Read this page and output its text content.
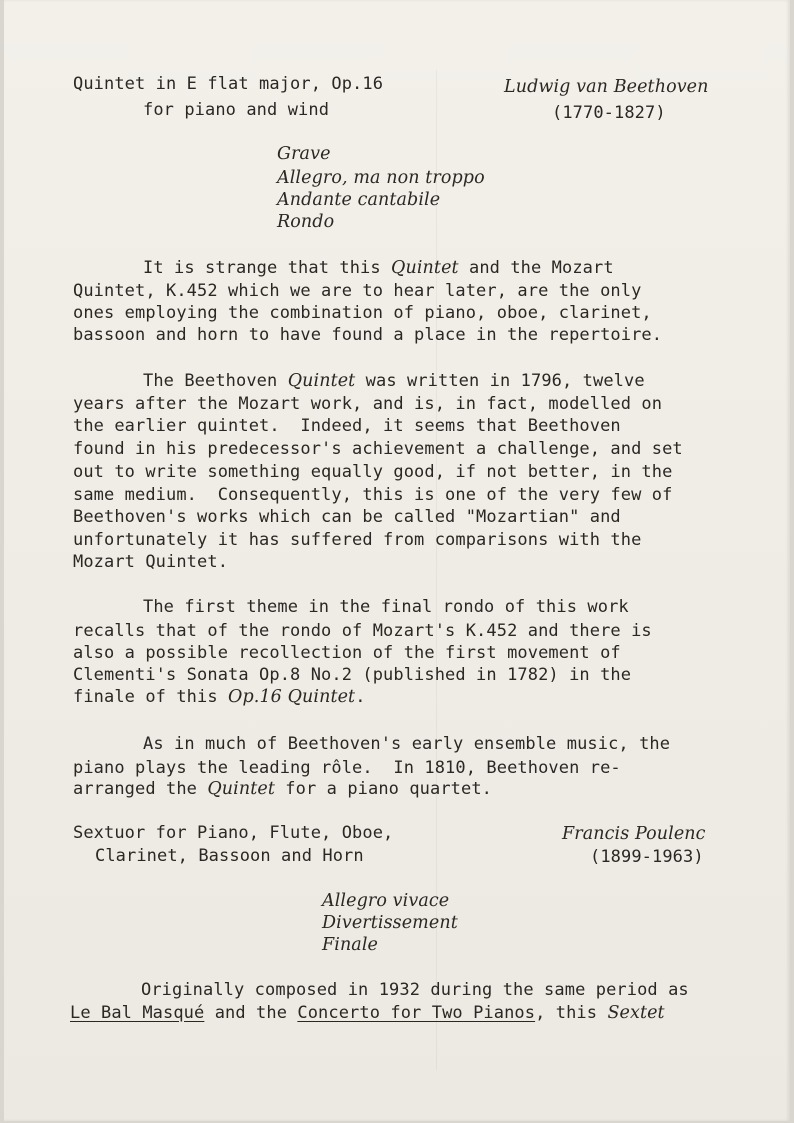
Quintet in E flat major, Op.16
for piano and wind
Ludwig van Beethoven
(1770-1827)
Grave
Allegro, ma non troppo
Andante cantabile
Rondo
It is strange that this Quintet and the Mozart
Quintet, K.452 which we are to hear later, are the only
ones employing the combination of piano, oboe, clarinet,
bassoon and horn to have found a place in the repertoire.
The Beethoven Quintet was written in 1796, twelve
years after the Mozart work, and is, in fact, modelled on
the earlier quintet.  Indeed, it seems that Beethoven
found in his predecessor's achievement a challenge, and set
out to write something equally good, if not better, in the
same medium.  Consequently, this is one of the very few of
Beethoven's works which can be called "Mozartian" and
unfortunately it has suffered from comparisons with the
Mozart Quintet.
The first theme in the final rondo of this work
recalls that of the rondo of Mozart's K.452 and there is
also a possible recollection of the first movement of
Clementi's Sonata Op.8 No.2 (published in 1782) in the
finale of this Op.16 Quintet.
As in much of Beethoven's early ensemble music, the
piano plays the leading rôle.  In 1810, Beethoven re-
arranged the Quintet for a piano quartet.
Sextuor for Piano, Flute, Oboe,
Clarinet, Bassoon and Horn
Francis Poulenc
(1899-1963)
Allegro vivace
Divertissement
Finale
Originally composed in 1932 during the same period as
Le Bal Masqué and the Concerto for Two Pianos, this Sextet
